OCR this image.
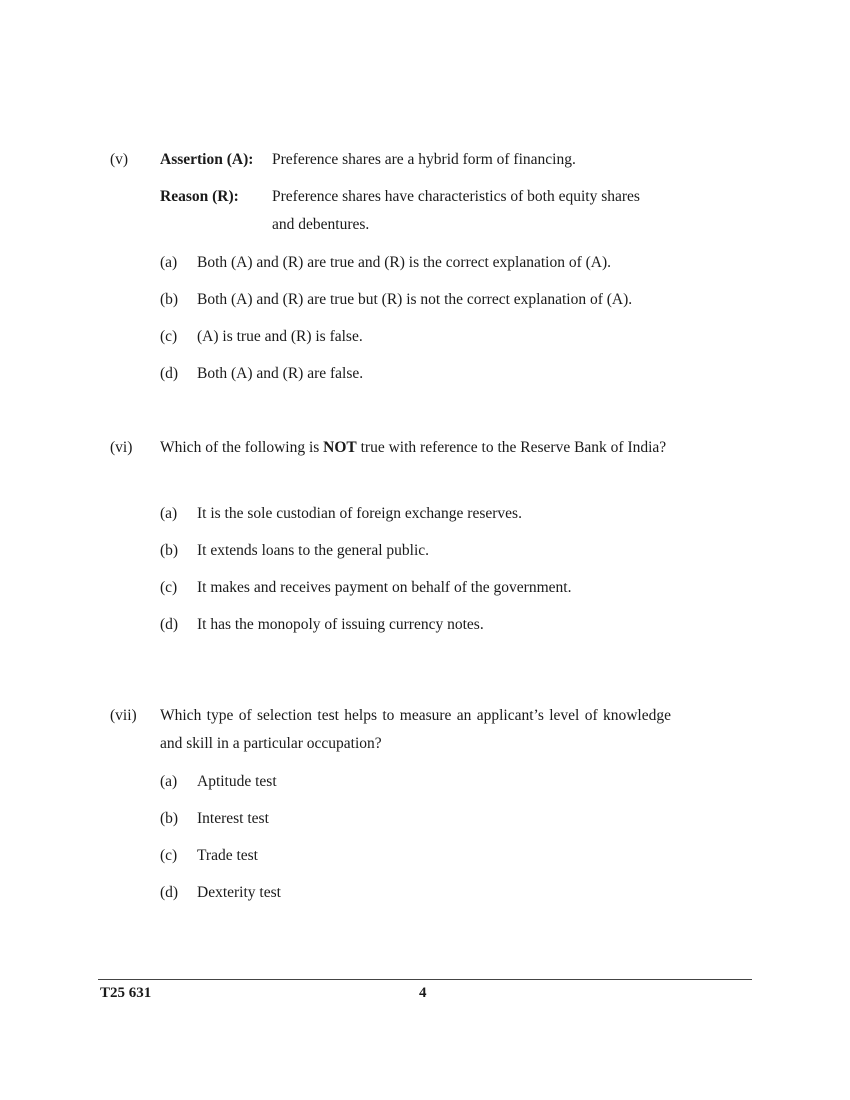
(v) Assertion (A): Preference shares are a hybrid form of financing.
Reason (R): Preference shares have characteristics of both equity shares
and debentures.
(a) Both (A) and (R) are true and (R) is the correct explanation of (A).
(b) Both (A) and (R) are true but (R) is not the correct explanation of (A).
(c) (A) is true and (R) is false.
(d) Both (A) and (R) are false.
(vi) Which of the following is NOT true with reference to the Reserve Bank of India?
(a) It is the sole custodian of foreign exchange reserves.
(b) It extends loans to the general public.
(c) It makes and receives payment on behalf of the government.
(d) It has the monopoly of issuing currency notes.
(vii) Which type of selection test helps to measure an applicant’s level of knowledge and skill in a particular occupation?
(a) Aptitude test
(b) Interest test
(c) Trade test
(d) Dexterity test
T25 631	4
